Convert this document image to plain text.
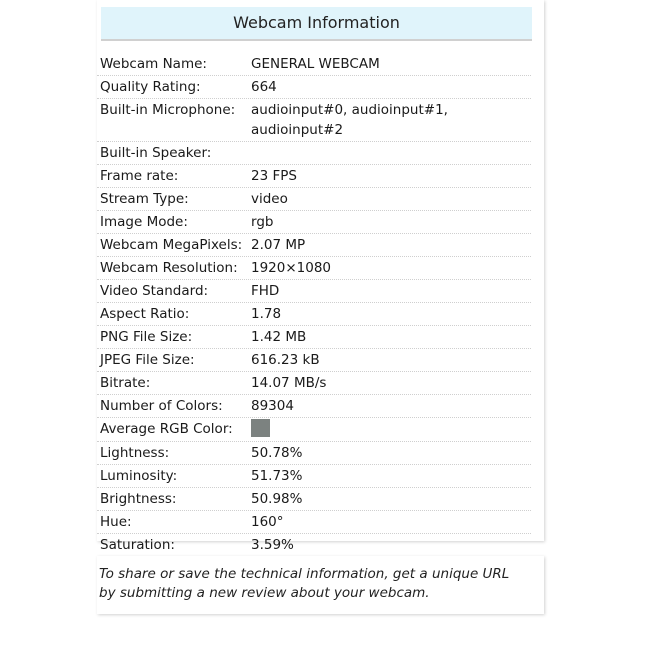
Webcam Information
Webcam Name:	GENERAL WEBCAM
Quality Rating:	664
Built-in Microphone:	audioinput#0, audioinput#1, audioinput#2
Built-in Speaker:
Frame rate:	23 FPS
Stream Type:	video
Image Mode:	rgb
Webcam MegaPixels: 2.07 MP
Webcam Resolution: 1920×1080
Video Standard:	FHD
Aspect Ratio:	1.78
PNG File Size:	1.42 MB
JPEG File Size:	616.23 kB
Bitrate:	14.07 MB/s
Number of Colors:	89304
Average RGB Color:
Lightness:	50.78%
Luminosity:	51.73%
Brightness:	50.98%
Hue:	160°
Saturation:	3.59%
To share or save the technical information, get a unique URL
by submitting a new review about your webcam.
